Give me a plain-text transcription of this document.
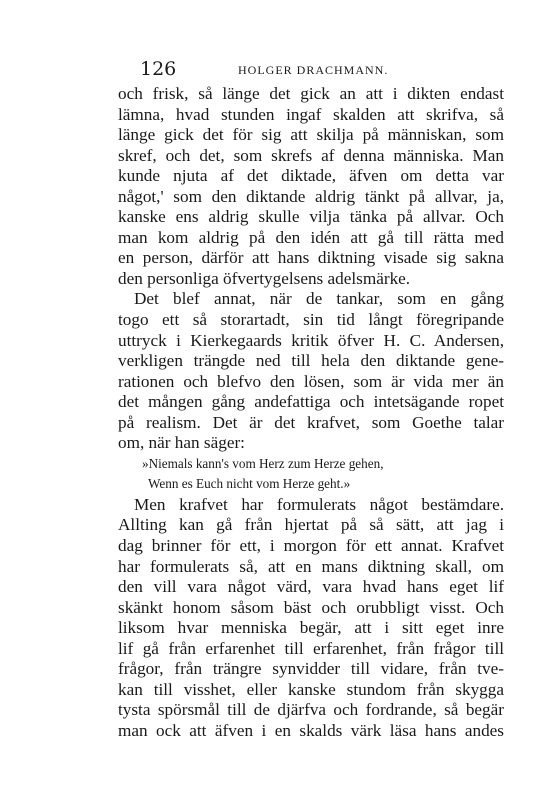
126	HOLGER DRACHMANN.
och frisk, så länge det gick an att i dikten endast
lämna, hvad stunden ingaf skalden att skrifva, så
länge gick det för sig att skilja på människan, som
skref, och det, som skrefs af denna människa. Man
kunde njuta af det diktade, äfven om detta var
något,' som den diktande aldrig tänkt på allvar, ja,
kanske ens aldrig skulle vilja tänka på allvar. Och
man kom aldrig på den idén att gå till rätta med
en person, därför att hans diktning visade sig sakna
den personliga öfvertygelsens adelsmärke.
Det blef annat, när de tankar, som en gång
togo ett så storartadt, sin tid långt föregripande
uttryck i Kierkegaards kritik öfver H. C. Andersen,
verkligen trängde ned till hela den diktande gene-
rationen och blefvo den lösen, som är vida mer än
det mången gång andefattiga och intetsägande ropet
på realism. Det är det krafvet, som Goethe talar
om, när han säger:
»Niemals kann's vom Herz zum Herze gehen,
Wenn es Euch nicht vom Herze geht.»
Men krafvet har formulerats något bestämdare.
Allting kan gå från hjertat på så sätt, att jag i
dag brinner för ett, i morgon för ett annat. Krafvet
har formulerats så, att en mans diktning skall, om
den vill vara något värd, vara hvad hans eget lif
skänkt honom såsom bäst och orubbligt visst. Och
liksom hvar menniska begär, att i sitt eget inre
lif gå från erfarenhet till erfarenhet, från frågor till
frågor, från trängre synvidder till vidare, från tve-
kan till visshet, eller kanske stundom från skygga
tysta spörsmål till de djärfva och fordrande, så begär
man ock att äfven i en skalds värk läsa hans andes
